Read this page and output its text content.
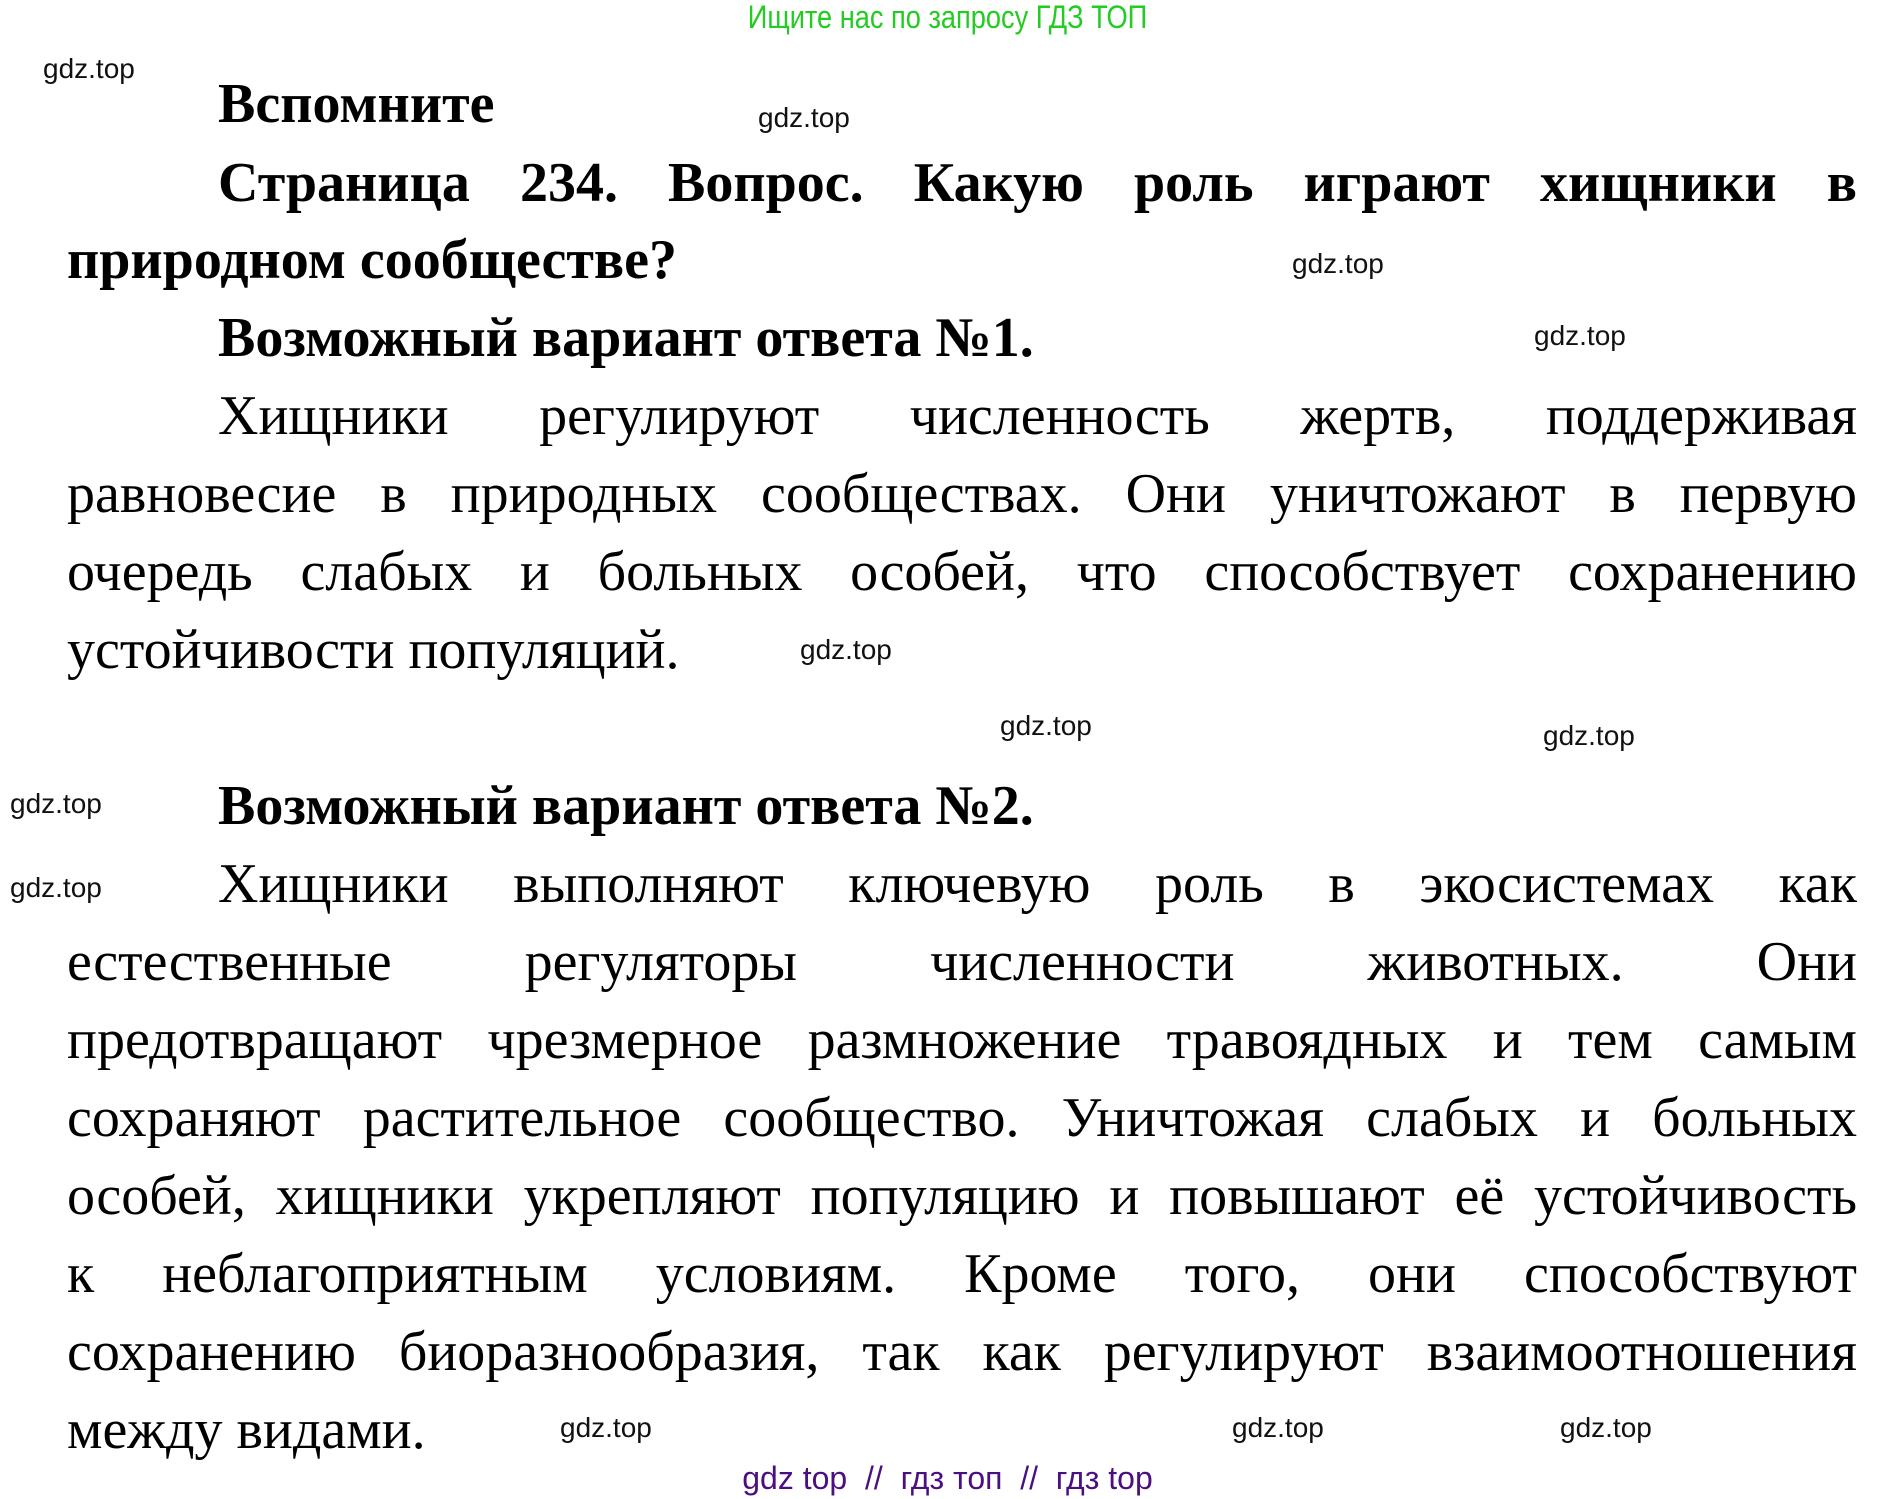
Ищите нас по запросу ГДЗ ТОП
Вспомните
Страница 234. Вопрос. Какую роль играют хищники в
природном сообществе?
Возможный вариант ответа №1.
Хищники регулируют численность жертв, поддерживая
равновесие в природных сообществах. Они уничтожают в первую
очередь слабых и больных особей, что способствует сохранению
устойчивости популяций.
Возможный вариант ответа №2.
Хищники выполняют ключевую роль в экосистемах как
естественные регуляторы численности животных. Они
предотвращают чрезмерное размножение травоядных и тем самым
сохраняют растительное сообщество. Уничтожая слабых и больных
особей, хищники укрепляют популяцию и повышают её устойчивость
к неблагоприятным условиям. Кроме того, они способствуют
сохранению биоразнообразия, так как регулируют взаимоотношения
между видами.
gdz.top
gdz.top
gdz.top
gdz.top
gdz.top
gdz.top	gdz.top
gdz.top
gdz.top
gdz.top
gdz.top
gdz.top
gdz top  //  гдз топ  //  гдз top
